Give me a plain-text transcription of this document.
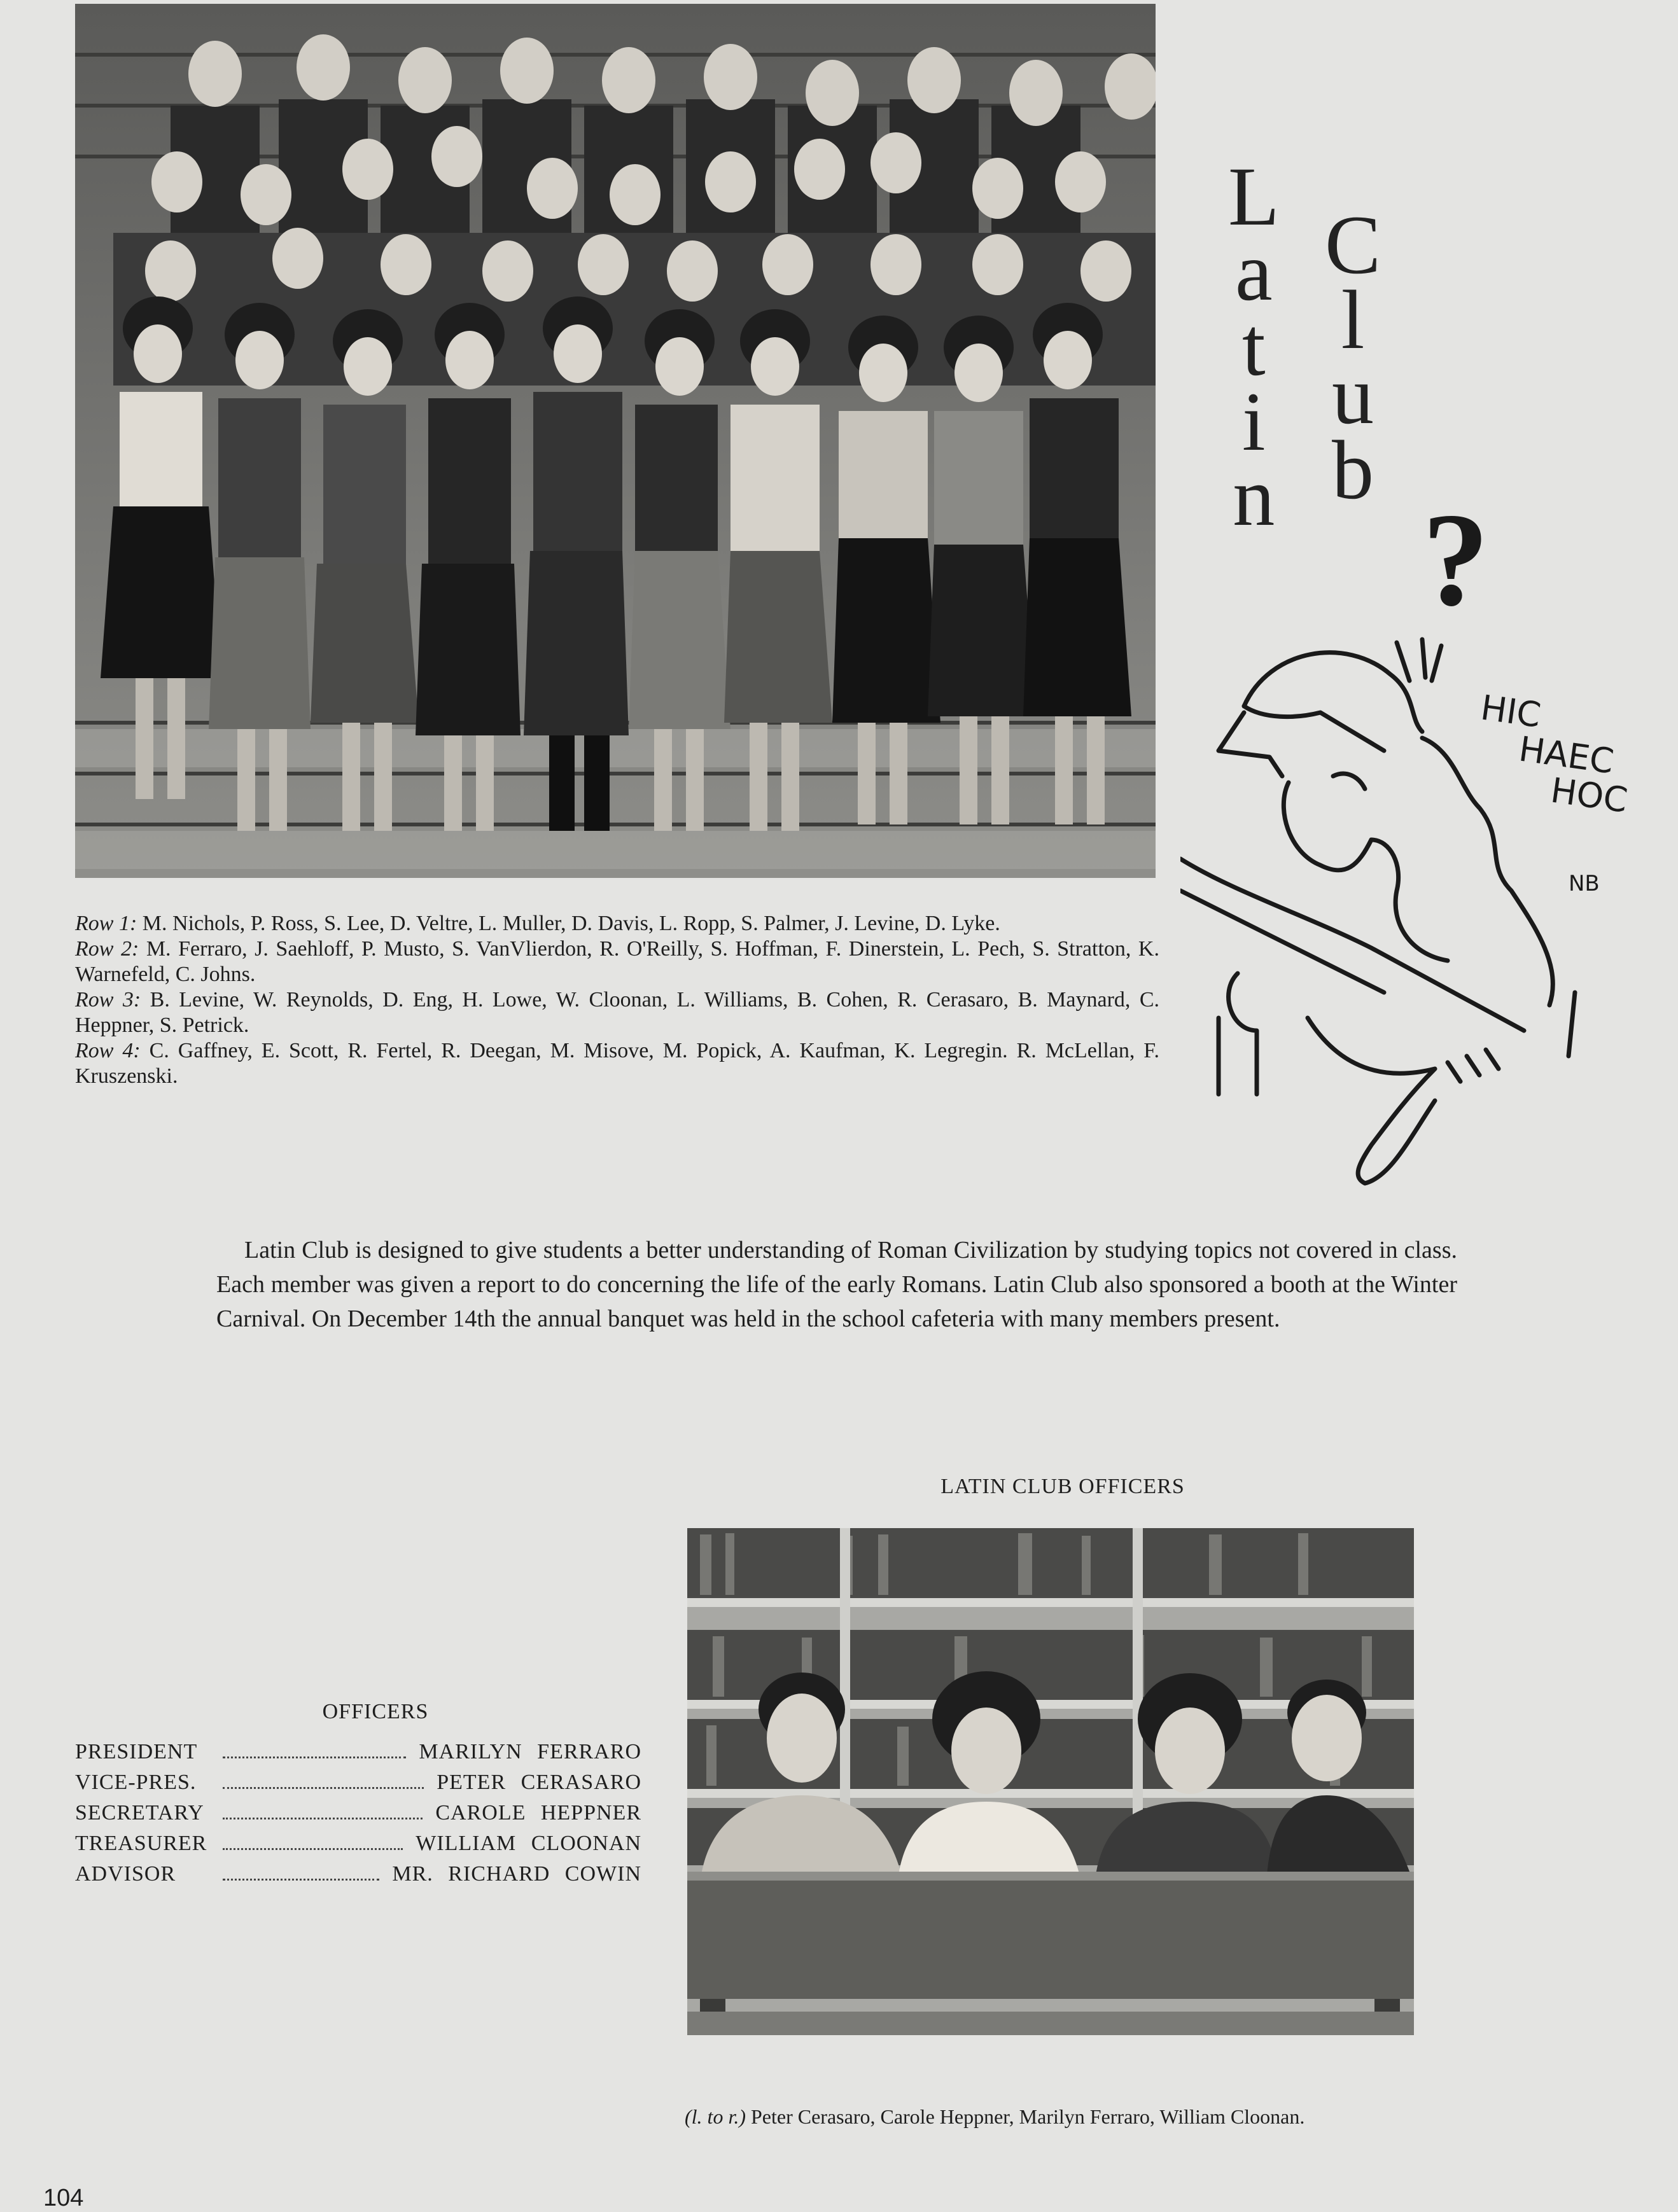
L
a
t
i
n
C
l
u
b
?
HIC
HAEC
HOC
NB

Row 1: M. Nichols, P. Ross, S. Lee, D. Veltre, L. Muller, D. Davis, L. Ropp, S. Palmer, J. Levine, D. Lyke.

Row 2: M. Ferraro, J. Saehloff, P. Musto, S. VanVlierdon, R. O'Reilly, S. Hoffman, F. Dinerstein, L. Pech, S. Stratton, K. Warnefeld, C. Johns.

Row 3: B. Levine, W. Reynolds, D. Eng, H. Lowe, W. Cloonan, L. Williams, B. Cohen, R. Cerasaro, B. Maynard, C. Heppner, S. Petrick.

Row 4: C. Gaffney, E. Scott, R. Fertel, R. Deegan, M. Misove, M. Popick, A. Kaufman, K. Legregin. R. McLellan, F. Kruszenski.

Latin Club is designed to give students a better understanding of Roman Civilization by studying topics not covered in class. Each member was given a report to do concerning the life of the early Romans. Latin Club also sponsored a booth at the Winter Carnival. On December 14th the annual banquet was held in the school cafeteria with many members present.

LATIN CLUB OFFICERS
OFFICERS
PRESIDENT	MARILYN FERRARO
VICE-PRES.	PETER CERASARO
SECRETARY	CAROLE HEPPNER
TREASURER	WILLIAM CLOONAN
ADVISOR	MR. RICHARD COWIN

(l. to r.) Peter Cerasaro, Carole Heppner, Marilyn Ferraro, William Cloonan.

104
